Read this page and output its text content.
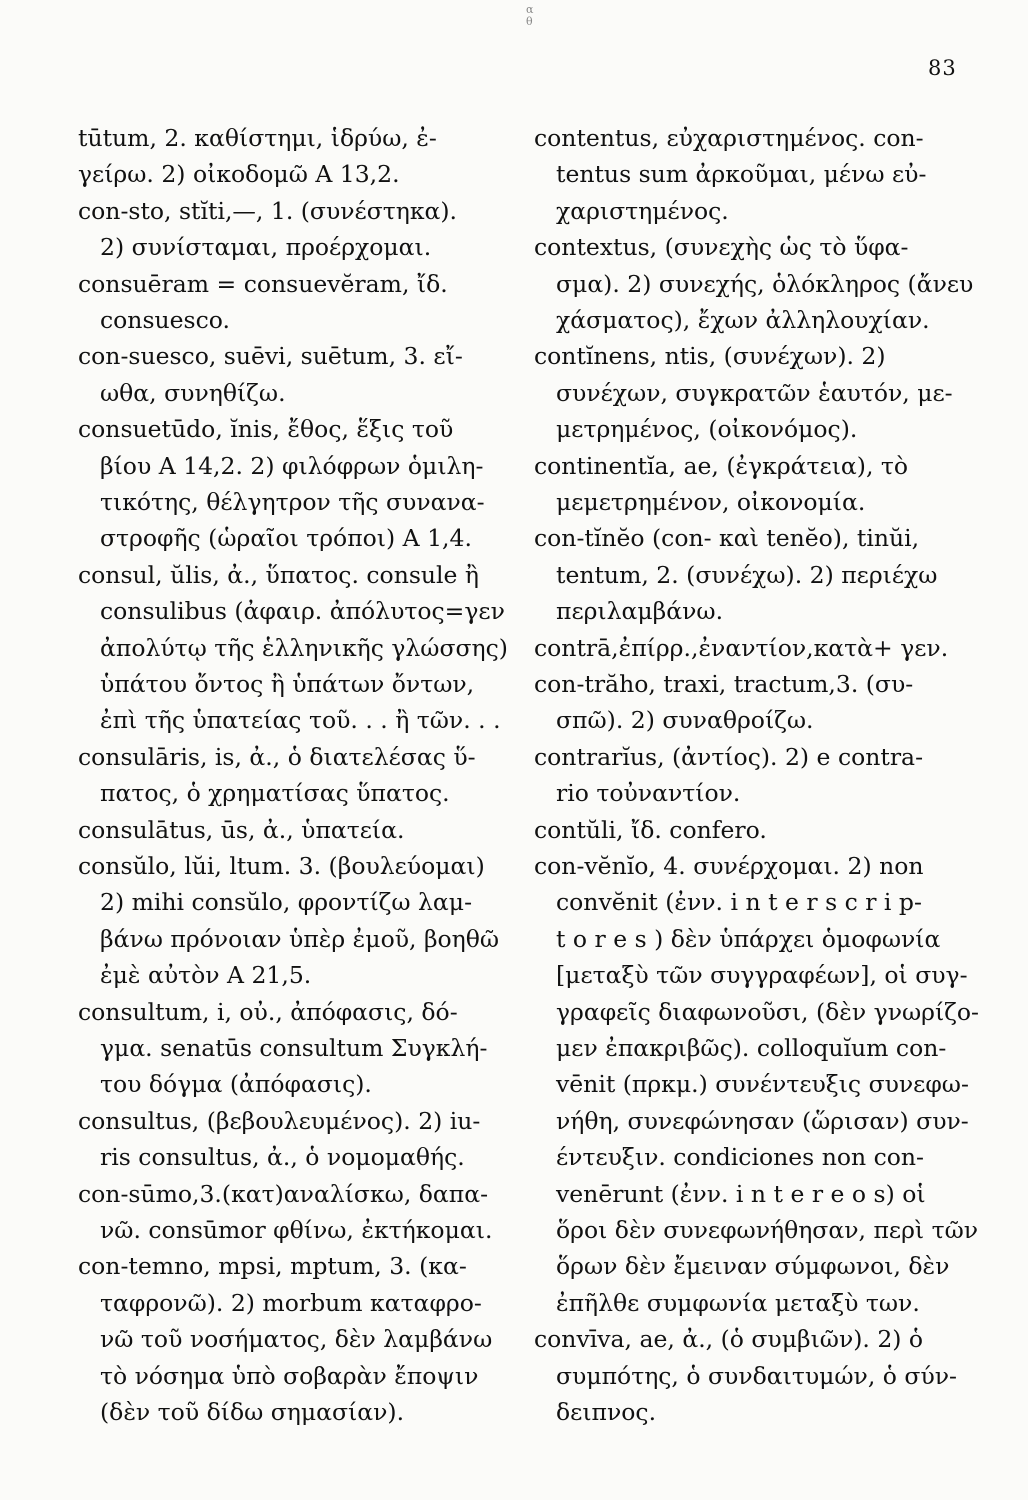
α
θ
83
tūtum, 2. καθίστημι, ἱδρύω, ἐ-
γείρω. 2) οἰκοδομῶ Α 13,2.
con-sto, stĭti,—, 1. (συνέστηκα).
2) συνίσταμαι, προέρχομαι.
consuēram = consuevĕram, ἴδ.
consuesco.
con-suesco, suēvi, suētum, 3. εἴ-
ωθα, συνηθίζω.
consuetūdo, ĭnis, ἔθος, ἕξις τοῦ
βίου Α 14,2. 2) φιλόφρων ὁμιλη-
τικότης, θέλγητρον τῆς συνανα-
στροφῆς (ὡραῖοι τρόποι) Α 1,4.
consul, ŭlis, ἀ., ὕπατος. consule ἢ
consulibus (ἀφαιρ. ἀπόλυτος=γεν
ἀπολύτῳ τῆς ἑλληνικῆς γλώσσης)
ὑπάτου ὄντος ἢ ὑπάτων ὄντων,
ἐπὶ τῆς ὑπατείας τοῦ. . . ἢ τῶν. . .
consulāris, is, ἀ., ὁ διατελέσας ὕ-
πατος, ὁ χρηματίσας ὕπατος.
consulātus, ūs, ἀ., ὑπατεία.
consŭlo, lŭi, ltum. 3. (βουλεύομαι)
2) mihi consŭlo, φροντίζω λαμ-
βάνω πρόνοιαν ὑπὲρ ἐμοῦ, βοηθῶ
ἐμὲ αὐτὸν Α 21,5.
consultum, i, οὐ., ἀπόφασις, δό-
γμα. senatūs consultum Συγκλή-
του δόγμα (ἀπόφασις).
consultus, (βεβουλευμένος). 2) iu-
ris consultus, ἀ., ὁ νομομαθής.
con-sūmo,3.(κατ)αναλίσκω, δαπα-
νῶ. consūmor φθίνω, ἐκτήκομαι.
con-temno, mpsi, mptum, 3. (κα-
ταφρονῶ). 2) morbum καταφρο-
νῶ τοῦ νοσήματος, δὲν λαμβάνω
τὸ νόσημα ὑπὸ σοβαρὰν ἔποψιν
(δὲν τοῦ δίδω σημασίαν).
contentus, εὐχαριστημένος. con-
tentus sum ἀρκοῦμαι, μένω εὐ-
χαριστημένος.
contextus, (συνεχὴς ὡς τὸ ὕφα-
σμα). 2) συνεχής, ὁλόκληρος (ἄνευ
χάσματος), ἔχων ἀλληλουχίαν.
contĭnens, ntis, (συνέχων). 2)
συνέχων, συγκρατῶν ἑαυτόν, με-
μετρημένος, (οἰκονόμος).
continentĭa, ae, (ἐγκράτεια), τὸ
μεμετρημένον, οἰκονομία.
con-tĭnĕo (con- καὶ tenĕo), tinŭi,
tentum, 2. (συνέχω). 2) περιέχω
περιλαμβάνω.
contrā,ἐπίρρ.,ἐναντίον,κατὰ+ γεν.
con-trăho, traxi, tractum,3. (συ-
σπῶ). 2) συναθροίζω.
contrarĭus, (ἀντίος). 2) e contra-
rio τοὐναντίον.
contŭli, ἴδ. confero.
con-vĕnĭo, 4. συνέρχομαι. 2) non
convĕnit (ἐνν. i n t e r s c r i p-
t o r e s ) δὲν ὑπάρχει ὁμοφωνία
[μεταξὺ τῶν συγγραφέων], οἱ συγ-
γραφεῖς διαφωνοῦσι, (δὲν γνωρίζο-
μεν ἐπακριβῶς). colloquĭum con-
vēnit (πρκμ.) συνέντευξις συνεφω-
νήθη, συνεφώνησαν (ὥρισαν) συν-
έντευξιν. condiciones non con-
venērunt (ἐνν. i n t e r e o s) οἱ
ὅροι δὲν συνεφωνήθησαν, περὶ τῶν
ὅρων δὲν ἔμειναν σύμφωνοι, δὲν
ἐπῆλθε συμφωνία μεταξὺ των.
convīva, ae, ἀ., (ὁ συμβιῶν). 2) ὁ
συμπότης, ὁ συνδαιτυμών, ὁ σύν-
δειπνος.
